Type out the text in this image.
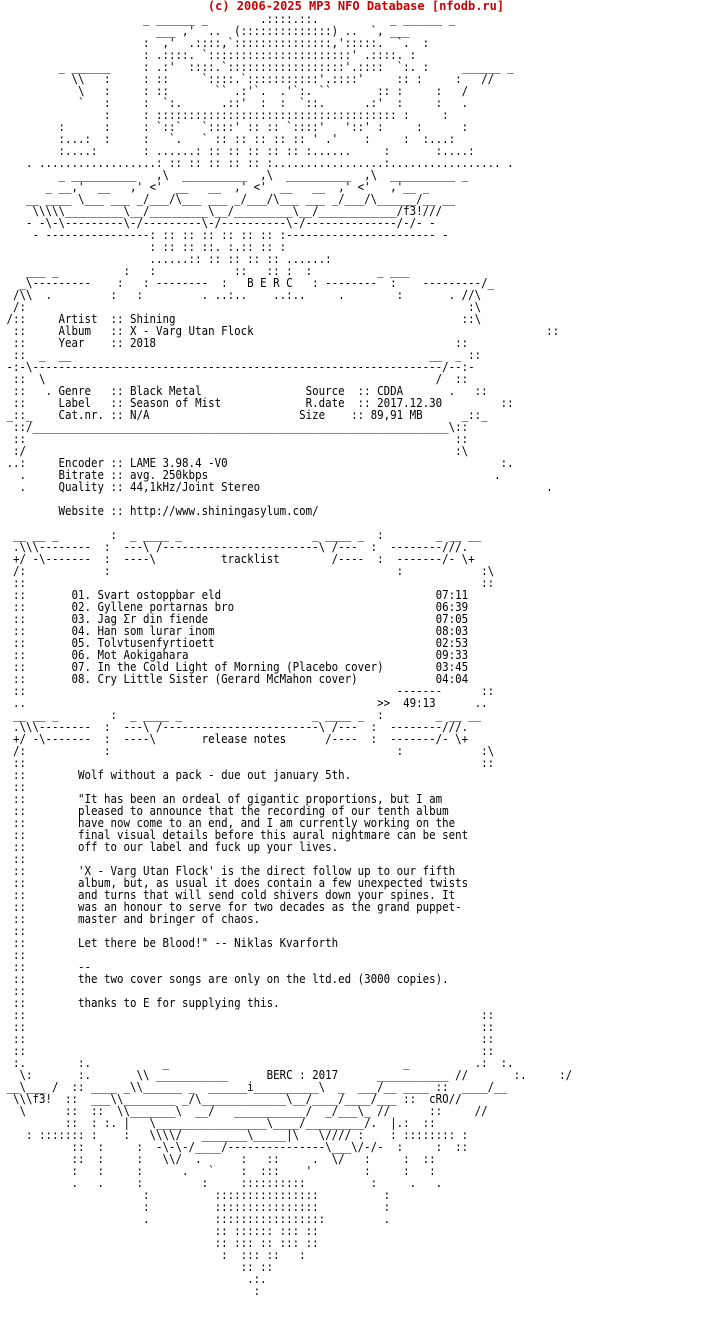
(c) 2006-2025 MP3 NFO Database [nfodb.ru]
_ ______ _        .::::.::.           _ ______ _
___ ,'  ..  (::::::::::::::) ..  `, ___
:  ,'  .::::,`:::::::::::::::,':::::.  `.  :
: .::::. `::::::::::::::::::::::' .::::. :
_ ______     : .:'  ::::.`::::::::::::::::::'.::::  `:. :     ______ _
\\   :     : ::     `::::.`:::::::::::'.::::'     :: :     :   //
\   :     : ::       `` .:'`.  .'`:. ``       :: :     :   /
`   :     :  `:.      .::'  :  :  `::.      .:'  :     :   .
:     : ::::::::::::::::::::::::::::::::::::: :     :
:      :     : `::`   `::::' :: :: `::::'   '::' :     :      :
:...:  :     :   `.   ` :: :: :: :: :: ' .'    :     :  :...:
:....:       : ......: :: :: :: :: :: :......     :       :....:
. ..................: :: :: :: :: :: :.................:................. .
_ __________   ,\  __________  ,\  __________  ,\  __________ _
_ __,'  __   ,' <'  __   __  ,' <'  __   __  ,' <'   ,'__ _
__ ____ \___ ___ _/___/\___ ___ _/___/\___ ___ _/___/\______/__ __
\\\\\_________\__/_________\__/_________\__/____________/f3!///
- -\-\---------\-/---------\-/----------\-/--------------/-/- -
- ----------------: :: :: :: :: :: :: :----------------------- -
: :: :: ::. :.:: :: :
......:: :: :: :: :: ......:
___ _          :   :            ::   :: :  :          _ ___
_\---------    :   : --------  :   B E R C   : --------  :    ---------/_
/\\  .         :   :         . ..:..    ..:..     .        :       . //\
/:                                                                    :\
/::     Artist  :: Shining                                            ::\
::     Album   :: X - Varg Utan Flock                                             ::
::     Year    :: 2018                                              ::
::  _  __                                                       __  _ ::
-:-\---------------------------------------------------------------/--:-
::  \                                                            /  ::
::   . Genre   :: Black Metal                Source  :: CDDA       .   ::
::     Label   :: Season of Mist             R.date  :: 2017.12.30         ::
_::_    Cat.nr. :: N/A                       Size    :: 89,91 MB      _::_
::/________________________________________________________________\::
::                                                                  ::
:/                                                                  :\
..:     Encoder :: LAME 3.98.4 -V0                                          :.
.     Bitrate :: avg. 250kbps                                            .
.     Quality :: 44,1kHz/Joint Stereo                                            .
Website :: http://www.shiningasylum.com/
__ __ _        :  _ ____ _                    _ ____ _  :        _ __ __
.\\\--------  :  ---\ /------------------------\ /---  :  --------///.
+/ -\-------  :  ----\          tracklist        /----  :  -------/- \+
/:            :                                            :            :\
::                                                                      ::
::       01. Svart ostoppbar eld                                 07:11
::       02. Gyllene portarnas bro                               06:39
::       03. Jag Σr din fiende                                   07:05
::       04. Han som lurar inom                                  08:03
::       05. Tolvtusenfyrtioett                                  02:53
::       06. Mot Aokigahara                                      09:33
::       07. In the Cold Light of Morning (Placebo cover)        03:45
::       08. Cry Little Sister (Gerard McMahon cover)            04:04
::                                                         -------      ::
..                                                      >>  49:13      ..
__ __ _        :  _ ____ _                    _ ____ _  :        _ __ __
.\\\--------  :  ---\ /------------------------\ /---  :  --------///.
+/ -\-------  :  ----\       release notes      /----  :  -------/- \+
/:            :                                            :            :\
::                                                                      ::
::        Wolf without a pack - due out january 5th.
::
::        "It has been an ordeal of gigantic proportions, but I am
::        pleased to announce that the recording of our tenth album
::        have now come to an end, and I am currently working on the
::        final visual details before this aural nightmare can be sent
::        off to our label and fuck up your lives.
::
::        'X - Varg Utan Flock' is the direct follow up to our fifth
::        album, but, as usual it does contain a few unexpected twists
::        and turns that will send cold shivers down your spines. It
::        was an honour to serve for two decades as the grand puppet-
::        master and bringer of chaos.
::
::        Let there be Blood!" -- Niklas Kvarforth
::
::        --
::        the two cover songs are only on the ltd.ed (3000 copies).
::
::        thanks to E for supplying this.
::                                                                      ::
::                                                                      ::
::                                                                      ::
::                                                                      ::
:.        :.           _                                    _          .:  :.
\:       :.       \\ ___________      BERC : 2017      ___________ //       :.     :/
__\___ /  :: ____ _\\______ _  ______i__________\  _  ___/__ ____ ::  ____/__
\\\f3!  ::  ___\\________ _/\_____________\__/____/____/___ ::  cRO//
\      ::  ::  \\_______\  __/   ___________/  _/___\_ //      ::     //
::  : :. |   \_________________\____/_________/.  |.:  ::
: ::::::: :    :   \\\\/   _______\_____|\   \//// :    : :::::::: :
::  :     :  -\-\-/____/---------------\___\/-/-  :     :  ::
::  :     :   \\/  .      :   ::     .  \/   :     :  ::
:   :     :      .   `    :  :::    '        :     :   :
.   .     :         :     ::::::::::          :     .   .
:          ::::::::::::::::          :
:          ::::::::::::::::          :
.          :::::::::::::::::         .
:: :::::: ::: ::
:: ::: :: ::: ::
:  ::: ::   :
:: ::
.:.
:
